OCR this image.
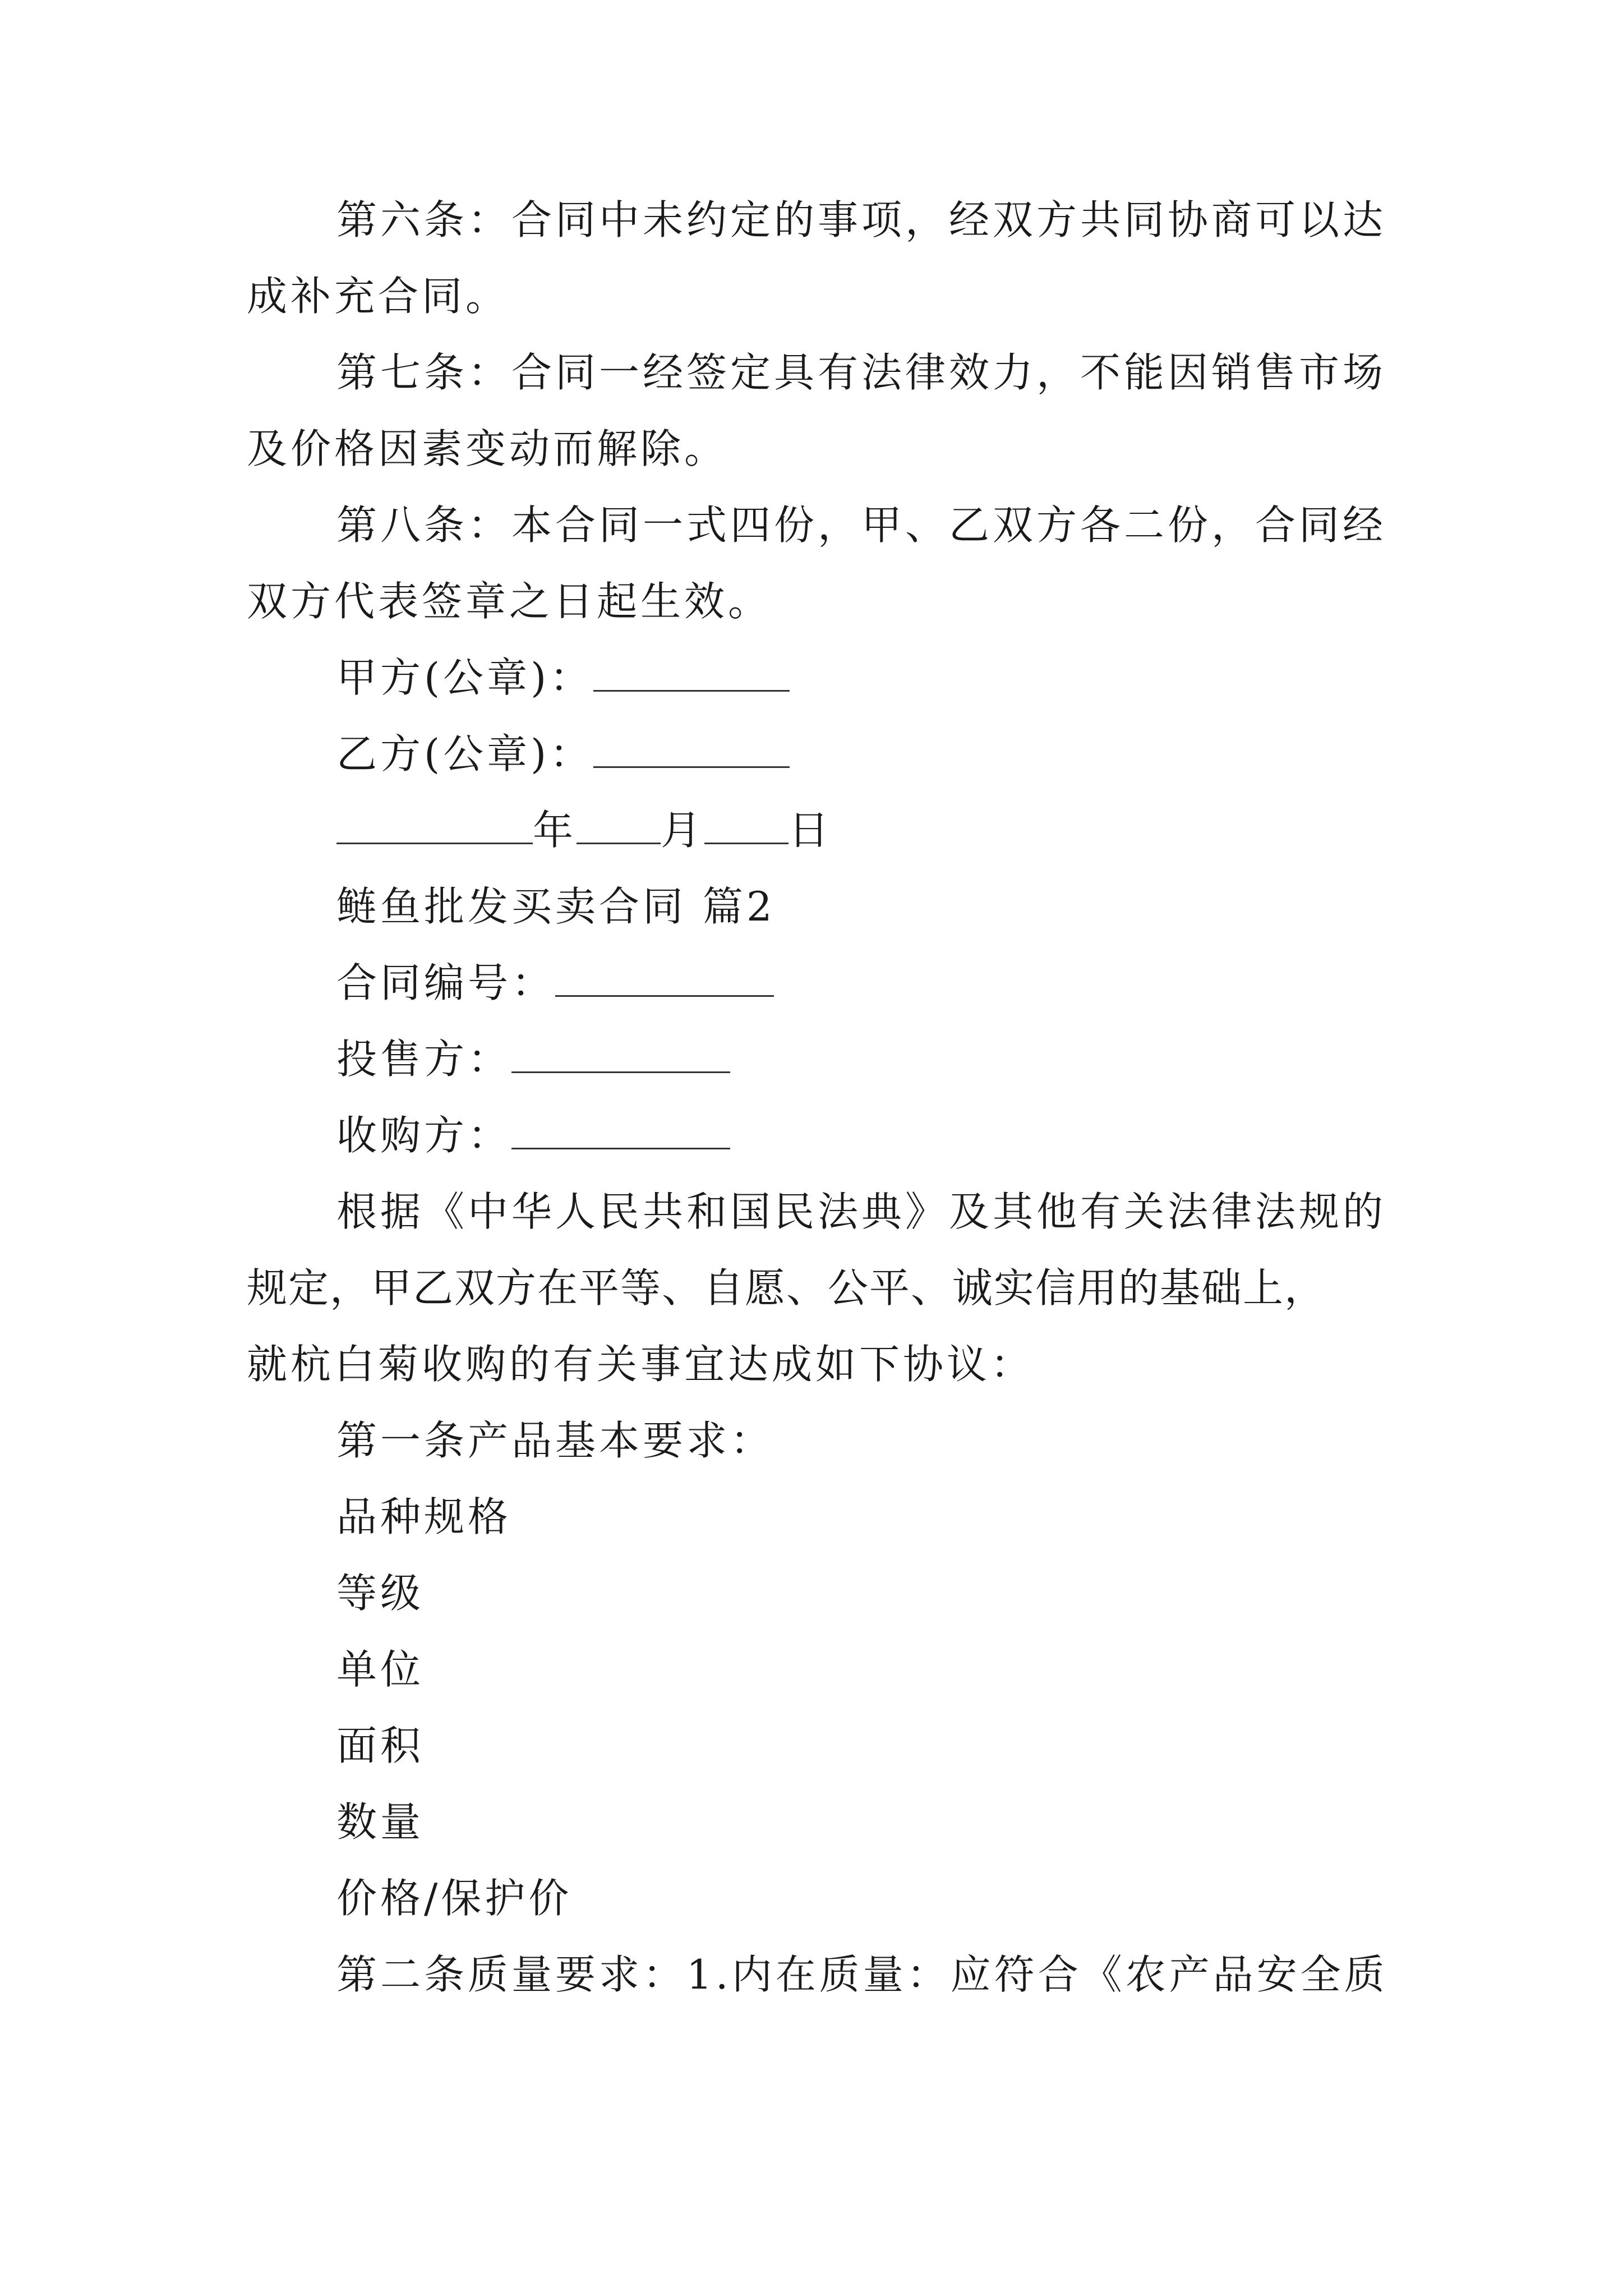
第六条：合同中未约定的事项，经双方共同协商可以达
成补充合同。
第七条：合同一经签定具有法律效力，不能因销售市场
及价格因素变动而解除。
第八条：本合同一式四份，甲、乙双方各二份，合同经
双方代表签章之日起生效。
甲方(公章)：
乙方(公章)：
年 月 日
鲢鱼批发买卖合同 篇2
合同编号：
投售方：
收购方：
根据《中华人民共和国民法典》及其他有关法律法规的
规定，甲乙双方在平等、自愿、公平、诚实信用的基础上，
就杭白菊收购的有关事宜达成如下协议：
第一条产品基本要求：
品种规格
等级
单位
面积
数量
价格/保护价
第二条质量要求：1.内在质量：应符合《农产品安全质
